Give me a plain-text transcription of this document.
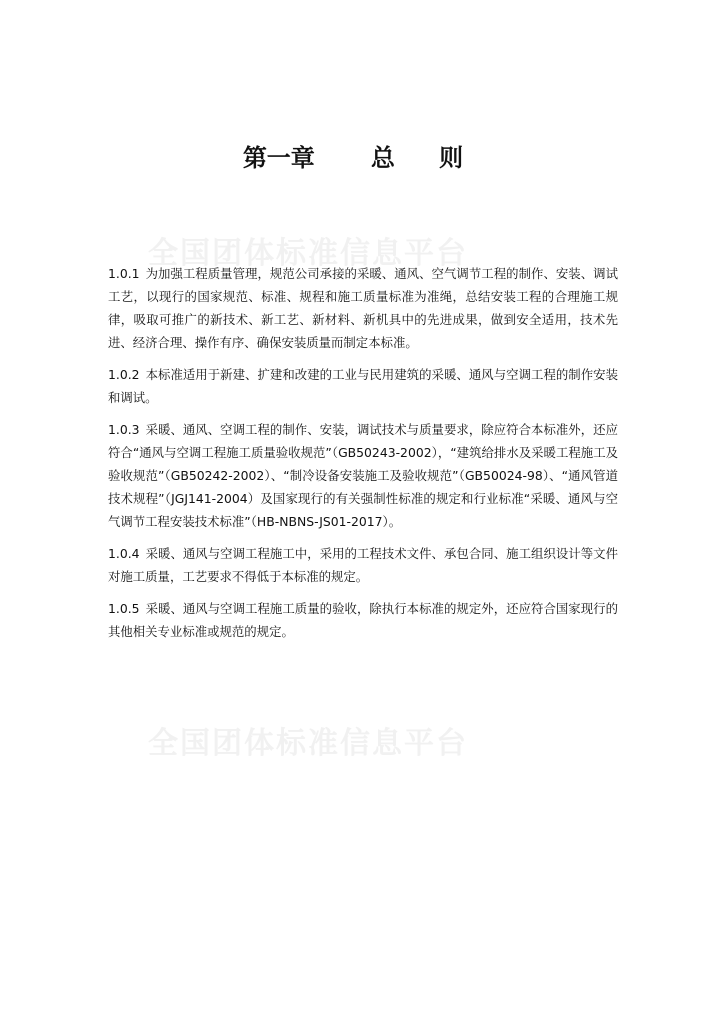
全国团体标准信息平台
全国团体标准信息平台
第一章 总 则

1.0.1 为加强工程质量管理，规范公司承接的采暖、通风、空气调节工程的制作、安装、调试工艺，以现行的国家规范、标准、规程和施工质量标准为准绳，总结安装工程的合理施工规律，吸取可推广的新技术、新工艺、新材料、新机具中的先进成果，做到安全适用，技术先进、经济合理、操作有序、确保安装质量而制定本标准。

1.0.2 本标准适用于新建、扩建和改建的工业与民用建筑的采暖、通风与空调工程的制作安装和调试。

1.0.3 采暖、通风、空调工程的制作、安装，调试技术与质量要求，除应符合本标准外，还应符合“通风与空调工程施工质量验收规范”（GB50243-2002），“建筑给排水及采暖工程施工及验收规范”（GB50242-2002）、“制冷设备安装施工及验收规范”（GB50024-98）、“通风管道技术规程”（JGJ141-2004）及国家现行的有关强制性标准的规定和行业标准“采暖、通风与空气调节工程安装技术标准”（HB-NBNS-JS01-2017）。

1.0.4 采暖、通风与空调工程施工中，采用的工程技术文件、承包合同、施工组织设计等文件对施工质量，工艺要求不得低于本标准的规定。

1.0.5 采暖、通风与空调工程施工质量的验收，除执行本标准的规定外，还应符合国家现行的其他相关专业标准或规范的规定。
